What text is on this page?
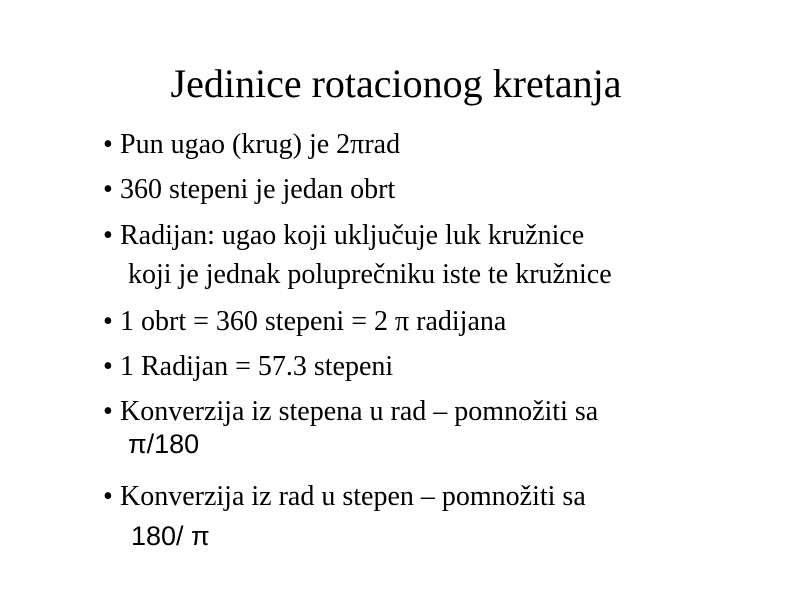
Jedinice rotacionog kretanja
• Pun ugao (krug) je 2πrad
• 360 stepeni je jedan obrt
• Radijan: ugao koji uključuje luk kružnice
koji je jednak poluprečniku iste te kružnice
• 1 obrt = 360 stepeni = 2 π radijana
• 1 Radijan = 57.3 stepeni
• Konverzija iz stepena u rad – pomnožiti sa
π/180
• Konverzija iz rad u stepen – pomnožiti sa
180/ π
